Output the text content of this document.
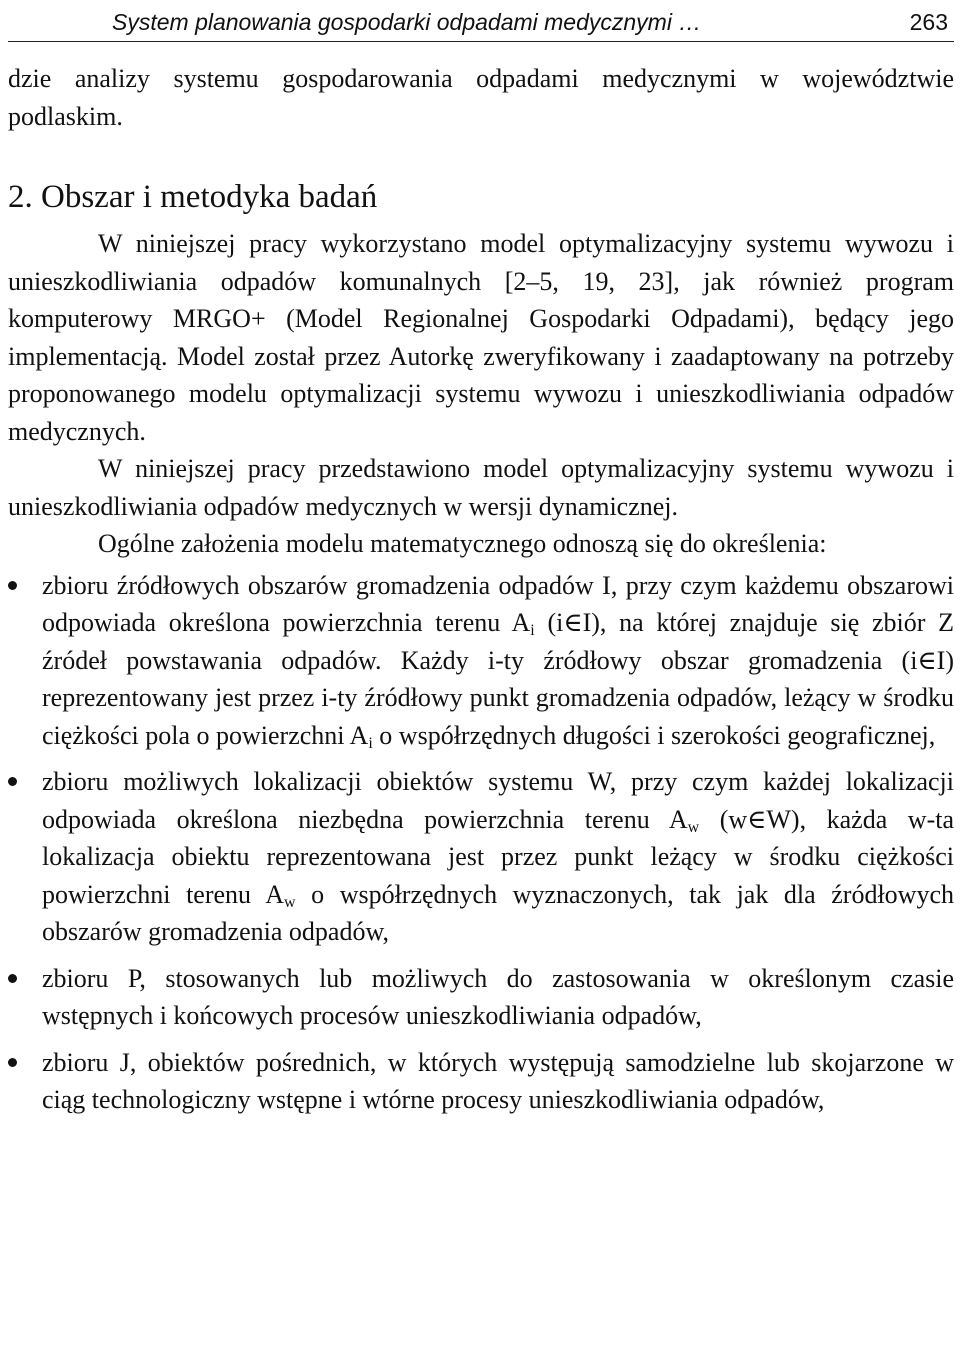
System planowania gospodarki odpadami medycznymi …	263

dzie analizy systemu gospodarowania odpadami medycznymi w województwie podlaskim.

2. Obszar i metodyka badań

W niniejszej pracy wykorzystano model optymalizacyjny systemu wywozu i unieszkodliwiania odpadów komunalnych [2–5, 19, 23], jak również program komputerowy MRGO+ (Model Regionalnej Gospodarki Odpadami), będący jego implementacją. Model został przez Autorkę zweryfikowany i zaadaptowany na potrzeby proponowanego modelu optymalizacji systemu wywozu i unieszkodliwiania odpadów medycznych.

W niniejszej pracy przedstawiono model optymalizacyjny systemu wywozu i unieszkodliwiania odpadów medycznych w wersji dynamicznej.

Ogólne założenia modelu matematycznego odnoszą się do określenia:

zbioru źródłowych obszarów gromadzenia odpadów I, przy czym każdemu obszarowi odpowiada określona powierzchnia terenu $A_i$ (i∈I), na której znajduje się zbiór Z źródeł powstawania odpadów. Każdy i-ty źródłowy obszar gromadzenia (i∈I) reprezentowany jest przez i-ty źródłowy punkt gromadzenia odpadów, leżący w środku ciężkości pola o powierzchni $A_i$ o współrzędnych długości i szerokości geograficznej,
zbioru możliwych lokalizacji obiektów systemu W, przy czym każdej lokalizacji odpowiada określona niezbędna powierzchnia terenu $A_w$ (w∈W), każda w-ta lokalizacja obiektu reprezentowana jest przez punkt leżący w środku ciężkości powierzchni terenu $A_w$ o współrzędnych wyznaczonych, tak jak dla źródłowych obszarów gromadzenia odpadów,
zbioru P, stosowanych lub możliwych do zastosowania w określonym czasie wstępnych i końcowych procesów unieszkodliwiania odpadów,
zbioru J, obiektów pośrednich, w których występują samodzielne lub skojarzone w ciąg technologiczny wstępne i wtórne procesy unieszkodliwiania odpadów,
